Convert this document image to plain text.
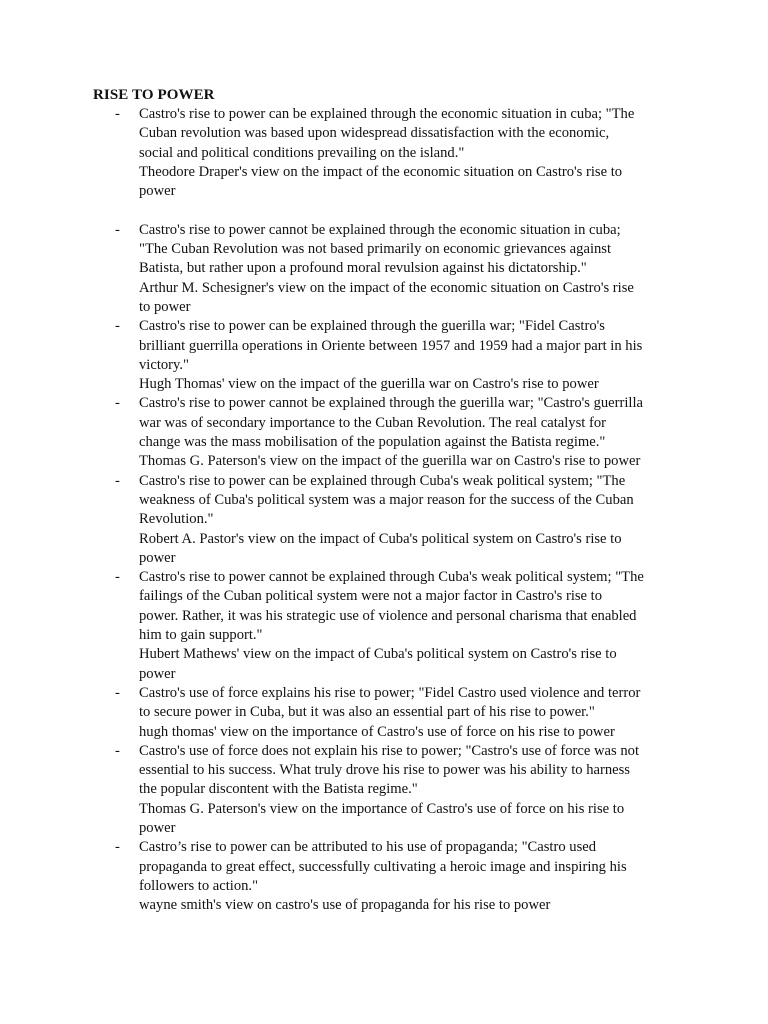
RISE TO POWER
- Castro's rise to power can be explained through the economic situation in cuba; "The
Cuban revolution was based upon widespread dissatisfaction with the economic,
social and political conditions prevailing on the island."
Theodore Draper's view on the impact of the economic situation on Castro's rise to
power
- Castro's rise to power cannot be explained through the economic situation in cuba;
"The Cuban Revolution was not based primarily on economic grievances against
Batista, but rather upon a profound moral revulsion against his dictatorship."
Arthur M. Schesigner's view on the impact of the economic situation on Castro's rise
to power
- Castro's rise to power can be explained through the guerilla war; "Fidel Castro's
brilliant guerrilla operations in Oriente between 1957 and 1959 had a major part in his
victory."
Hugh Thomas' view on the impact of the guerilla war on Castro's rise to power
- Castro's rise to power cannot be explained through the guerilla war; "Castro's guerrilla
war was of secondary importance to the Cuban Revolution. The real catalyst for
change was the mass mobilisation of the population against the Batista regime."
Thomas G. Paterson's view on the impact of the guerilla war on Castro's rise to power
- Castro's rise to power can be explained through Cuba's weak political system; "The
weakness of Cuba's political system was a major reason for the success of the Cuban
Revolution."
Robert A. Pastor's view on the impact of Cuba's political system on Castro's rise to
power
- Castro's rise to power cannot be explained through Cuba's weak political system; "The
failings of the Cuban political system were not a major factor in Castro's rise to
power. Rather, it was his strategic use of violence and personal charisma that enabled
him to gain support."
Hubert Mathews' view on the impact of Cuba's political system on Castro's rise to
power
- Castro's use of force explains his rise to power; "Fidel Castro used violence and terror
to secure power in Cuba, but it was also an essential part of his rise to power."
hugh thomas' view on the importance of Castro's use of force on his rise to power
- Castro's use of force does not explain his rise to power; "Castro's use of force was not
essential to his success. What truly drove his rise to power was his ability to harness
the popular discontent with the Batista regime."
Thomas G. Paterson's view on the importance of Castro's use of force on his rise to
power
- Castro’s rise to power can be attributed to his use of propaganda; "Castro used
propaganda to great effect, successfully cultivating a heroic image and inspiring his
followers to action."
wayne smith's view on castro's use of propaganda for his rise to power
